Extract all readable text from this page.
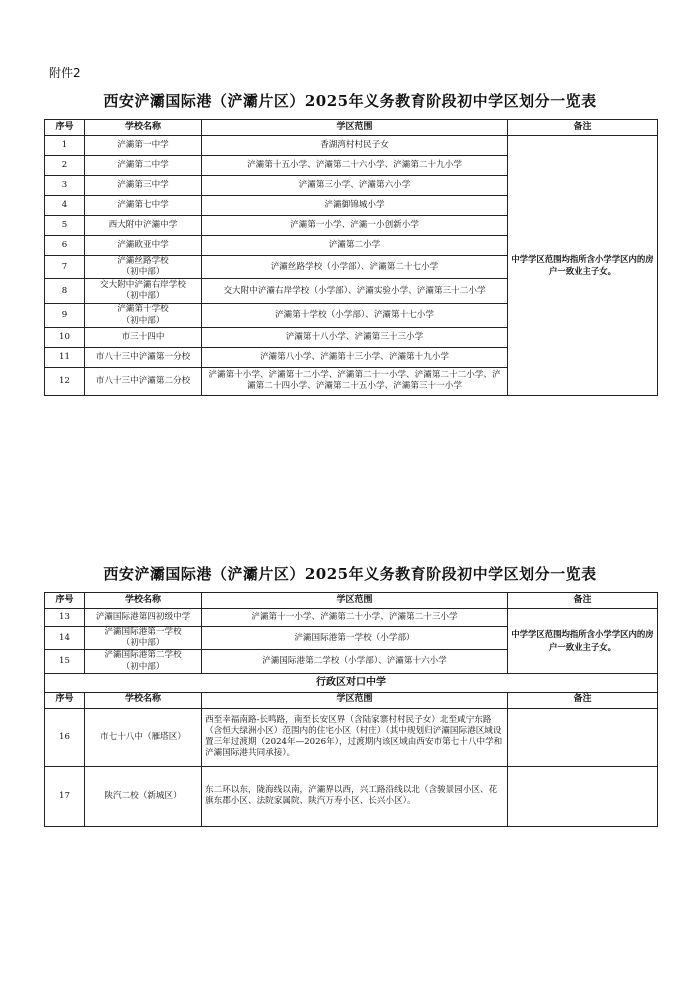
附件2
西安浐灞国际港（浐灞片区）2025年义务教育阶段初中学区划分一览表
序号	学校名称	学区范围	备注
1	浐灞第一中学	香湖湾村村民子女	中学学区范围均指所含小学学区内的房户一致业主子女。
2	浐灞第二中学	浐灞第十五小学、浐灞第二十六小学、浐灞第二十九小学	
3	浐灞第三中学	浐灞第三小学、浐灞第六小学	
4	浐灞第七中学	浐灞御锦城小学	
5	西大附中浐灞中学	浐灞第一小学、浐灞一小创新小学	
6	浐灞欧亚中学	浐灞第二小学	
7	浐灞丝路学校
（初中部）	浐灞丝路学校（小学部）、浐灞第二十七小学	
8	交大附中浐灞右岸学校
（初中部）	交大附中浐灞右岸学校（小学部）、浐灞实验小学、浐灞第三十二小学	
9	浐灞第十学校
（初中部）	浐灞第十学校（小学部）、浐灞第十七小学	
10	市三十四中	浐灞第十八小学、浐灞第三十三小学	
11	市八十三中浐灞第一分校	浐灞第八小学、浐灞第十三小学、浐灞第十九小学	
12	市八十三中浐灞第二分校	浐灞第十小学、浐灞第十二小学、浐灞第二十一小学、浐灞第二十二小学、浐灞第二十四小学、浐灞第二十五小学、浐灞第三十一小学	
西安浐灞国际港（浐灞片区）2025年义务教育阶段初中学区划分一览表
序号	学校名称	学区范围	备注
13	浐灞国际港第四初级中学	浐灞第十一小学、浐灞第二十小学、浐灞第二十三小学	中学学区范围均指所含小学学区内的房户一致业主子女。
14	浐灞国际港第一学校
（初中部）	浐灞国际港第一学校（小学部）	
15	浐灞国际港第二学校
（初中部）	浐灞国际港第二学校（小学部）、浐灞第十六小学	
行政区对口中学			
序号	学校名称	学区范围	备注
16	市七十八中（雁塔区）	西至幸福南路-长鸣路，南至长安区界（含陆家寨村村民子女）北至咸宁东路（含恒大绿洲小区）范围内的住宅小区（村庄）（其中规划归浐灞国际港区域设置三年过渡期（2024年—2026年），过渡期内该区域由西安市第七十八中学和浐灞国际港共同承接）。	
17	陕汽二校（新城区）	东二环以东，陇海线以南，浐灞界以西，兴工路沿线以北（含骏景园小区、花旗东郡小区、法院家属院、陕汽万寿小区、长兴小区）。	
